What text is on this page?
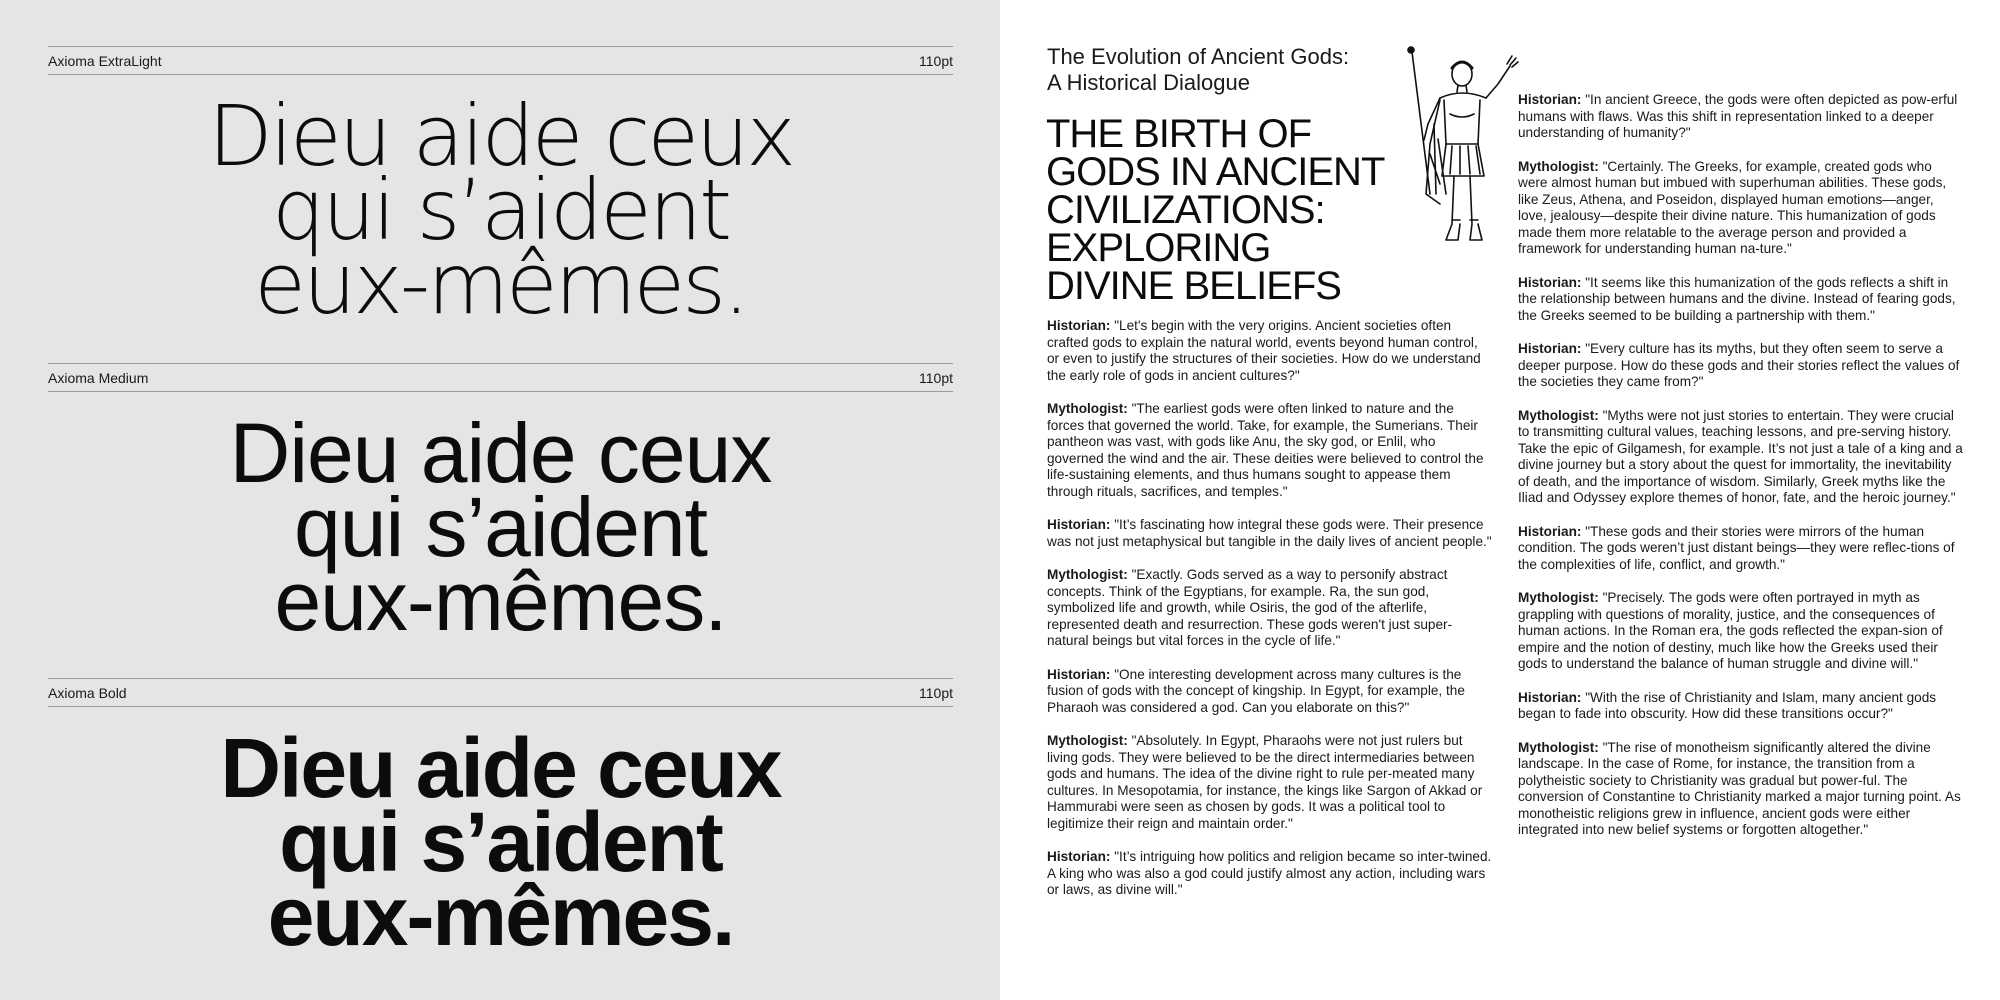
Axioma ExtraLight	110pt
Dieu aide ceux
qui s’aident
eux-mêmes.
Axioma Medium	110pt
Dieu aide ceux
qui s’aident
eux-mêmes.
Axioma Bold	110pt
Dieu aide ceux
qui s’aident
eux-mêmes.
The Evolution of Ancient Gods:
A Historical Dialogue
THE BIRTH OF
GODS IN ANCIENT
CIVILIZATIONS:
EXPLORING
DIVINE BELIEFS

Historian: "Let's begin with the very origins. Ancient societies often crafted gods to explain the natural world, events beyond human control, or even to justify the structures of their societies. How do we understand the early role of gods in ancient cultures?"

Mythologist: "The earliest gods were often linked to nature and the forces that governed the world. Take, for example, the Sumerians. Their pantheon was vast, with gods like Anu, the sky god, or Enlil, who governed the wind and the air. These deities were believed to control the life-sustaining elements, and thus humans sought to appease them through rituals, sacrifices, and temples."

Historian: "It’s fascinating how integral these gods were. Their presence was not just metaphysical but tangible in the daily lives of ancient people."

Mythologist: "Exactly. Gods served as a way to personify abstract concepts. Think of the Egyptians, for example. Ra, the sun god, symbolized life and growth, while Osiris, the god of the afterlife, represented death and resurrection. These gods weren't just super-natural beings but vital forces in the cycle of life."

Historian: "One interesting development across many cultures is the fusion of gods with the concept of kingship. In Egypt, for example, the Pharaoh was considered a god. Can you elaborate on this?"

Mythologist: "Absolutely. In Egypt, Pharaohs were not just rulers but living gods. They were believed to be the direct intermediaries between gods and humans. The idea of the divine right to rule per-meated many cultures. In Mesopotamia, for instance, the kings like Sargon of Akkad or Hammurabi were seen as chosen by gods. It was a political tool to legitimize their reign and maintain order."

Historian: "It’s intriguing how politics and religion became so inter-twined. A king who was also a god could justify almost any action, including wars or laws, as divine will."

Historian: "In ancient Greece, the gods were often depicted as pow-erful humans with flaws. Was this shift in representation linked to a deeper understanding of humanity?"

Mythologist: "Certainly. The Greeks, for example, created gods who were almost human but imbued with superhuman abilities. These gods, like Zeus, Athena, and Poseidon, displayed human emotions—anger, love, jealousy—despite their divine nature. This humanization of gods made them more relatable to the average person and provided a framework for understanding human na-ture."

Historian: "It seems like this humanization of the gods reflects a shift in the relationship between humans and the divine. Instead of fearing gods, the Greeks seemed to be building a partnership with them."

Historian: "Every culture has its myths, but they often seem to serve a deeper purpose. How do these gods and their stories reflect the values of the societies they came from?"

Mythologist: "Myths were not just stories to entertain. They were crucial to transmitting cultural values, teaching lessons, and pre-serving history. Take the epic of Gilgamesh, for example. It’s not just a tale of a king and a divine journey but a story about the quest for immortality, the inevitability of death, and the importance of wisdom. Similarly, Greek myths like the Iliad and Odyssey explore themes of honor, fate, and the heroic journey."

Historian: "These gods and their stories were mirrors of the human condition. The gods weren’t just distant beings—they were reflec-tions of the complexities of life, conflict, and growth."

Mythologist: "Precisely. The gods were often portrayed in myth as grappling with questions of morality, justice, and the consequences of human actions. In the Roman era, the gods reflected the expan-sion of empire and the notion of destiny, much like how the Greeks used their gods to understand the balance of human struggle and divine will."

Historian: "With the rise of Christianity and Islam, many ancient gods began to fade into obscurity. How did these transitions occur?"

Mythologist: "The rise of monotheism significantly altered the divine landscape. In the case of Rome, for instance, the transition from a polytheistic society to Christianity was gradual but power-ful. The conversion of Constantine to Christianity marked a major turning point. As monotheistic religions grew in influence, ancient gods were either integrated into new belief systems or forgotten altogether."
